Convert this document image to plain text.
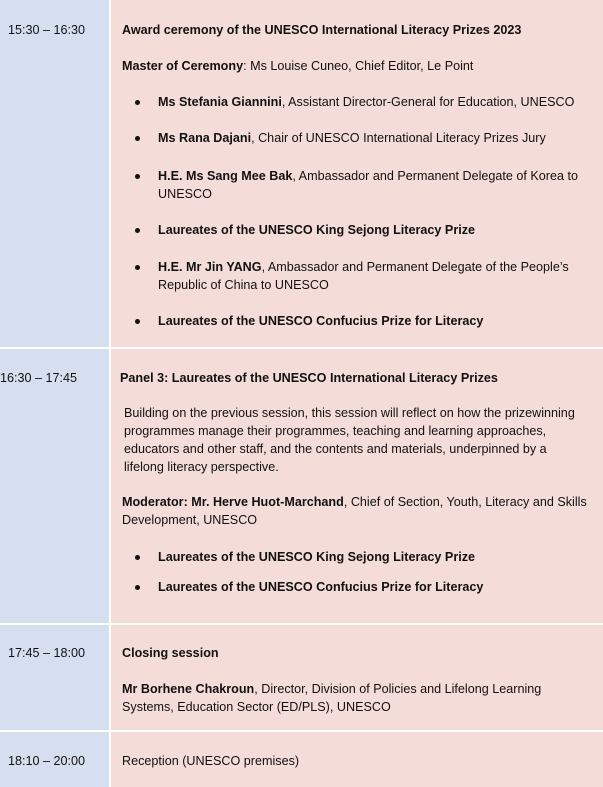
15:30 – 16:30	Award ceremony of the UNESCO International Literacy Prizes 2023
Master of Ceremony: Ms Louise Cuneo, Chief Editor, Le Point
Ms Stefania Giannini, Assistant Director-General for Education, UNESCO
Ms Rana Dajani, Chair of UNESCO International Literacy Prizes Jury
H.E. Ms Sang Mee Bak, Ambassador and Permanent Delegate of Korea to UNESCO
Laureates of the UNESCO King Sejong Literacy Prize
H.E. Mr Jin YANG, Ambassador and Permanent Delegate of the People’s Republic of China to UNESCO
Laureates of the UNESCO Confucius Prize for Literacy
16:30 – 17:45	Panel 3: Laureates of the UNESCO International Literacy Prizes
Building on the previous session, this session will reflect on how the prizewinning programmes manage their programmes, teaching and learning approaches, educators and other staff, and the contents and materials, underpinned by a lifelong literacy perspective.
Moderator: Mr. Herve Huot-Marchand, Chief of Section, Youth, Literacy and Skills Development, UNESCO
Laureates of the UNESCO King Sejong Literacy Prize
Laureates of the UNESCO Confucius Prize for Literacy
17:45 – 18:00	Closing session
Mr Borhene Chakroun, Director, Division of Policies and Lifelong Learning Systems, Education Sector (ED/PLS), UNESCO
18:10 – 20:00	Reception (UNESCO premises)
